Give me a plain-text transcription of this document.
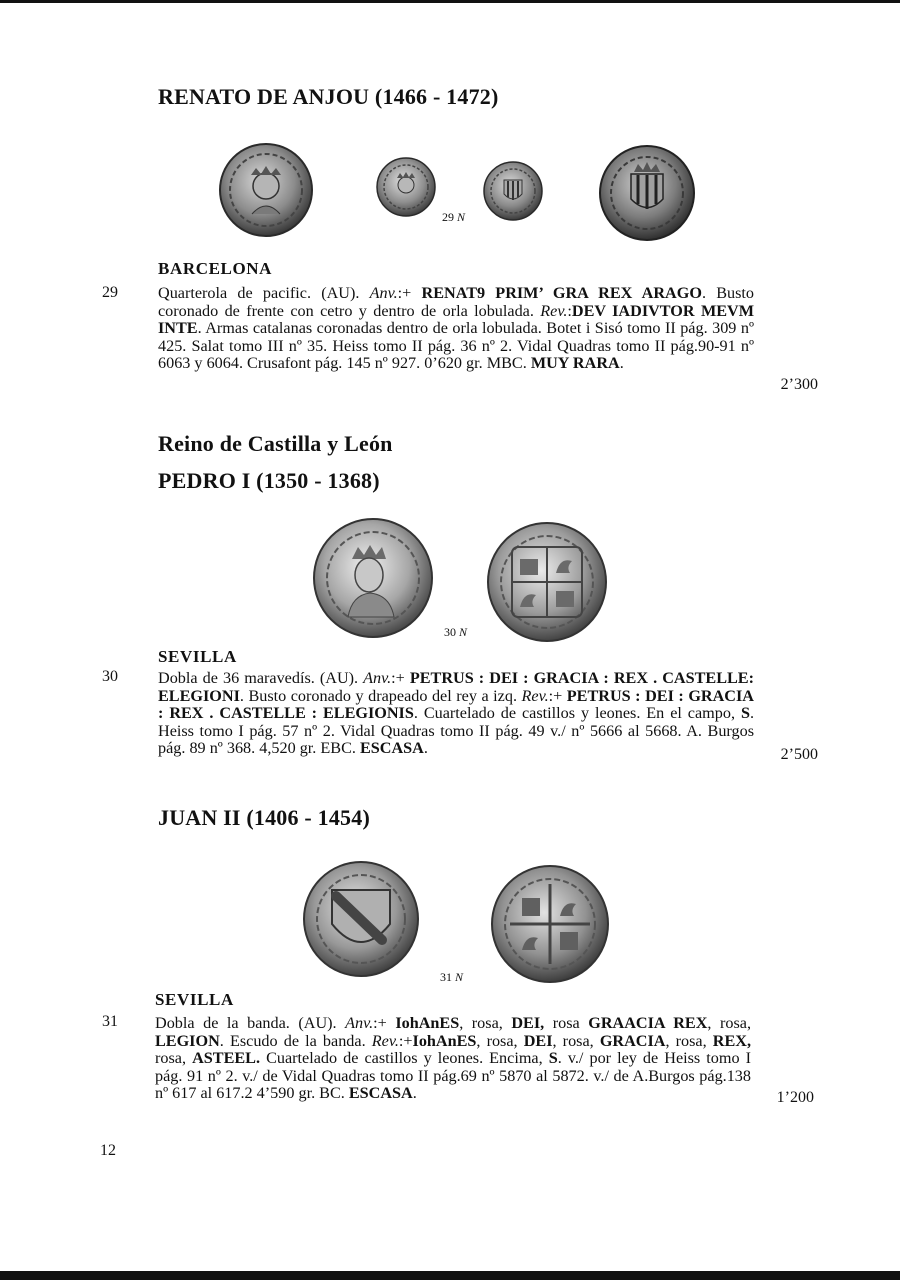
RENATO DE ANJOU (1466 - 1472)
29 N
BARCELONA
29 Quarterola de pacific. (AU). Anv.:+ RENAT9 PRIM’ GRA REX ARAGO. Busto coronado de frente con cetro y dentro de orla lobulada. Rev.:DEV IADIVTOR MEVM INTE. Armas catalanas coronadas dentro de orla lobulada. Botet i Sisó tomo II pág. 309 nº 425. Salat tomo III nº 35. Heiss tomo II pág. 36 nº 2. Vidal Quadras tomo II pág.90-91 nº 6063 y 6064. Crusafont pág. 145 nº 927. 0’620 gr. MBC. MUY RARA.
2’300
Reino de Castilla y León
PEDRO I (1350 - 1368)
30 N
SEVILLA
30 Dobla de 36 maravedís. (AU). Anv.:+ PETRUS : DEI : GRACIA : REX . CASTELLE: ELEGIONI. Busto coronado y drapeado del rey a izq. Rev.:+ PETRUS : DEI : GRACIA : REX . CASTELLE : ELEGIONIS. Cuartelado de castillos y leones. En el campo, S. Heiss tomo I pág. 57 nº 2. Vidal Quadras tomo II pág. 49 v./ nº 5666 al 5668. A. Burgos pág. 89 nº 368. 4,520 gr. EBC. ESCASA.	2’500
JUAN II (1406 - 1454)
31 N
SEVILLA
31 Dobla de la banda. (AU). Anv.:+ IohAnES, rosa, DEI, rosa GRAACIA REX, rosa, LEGION. Escudo de la banda. Rev.:+IohAnES, rosa, DEI, rosa, GRACIA, rosa, REX, rosa, ASTEEL. Cuartelado de castillos y leones. Encima, S. v./ por ley de Heiss tomo I pág. 91 nº 2. v./ de Vidal Quadras tomo II pág.69 nº 5870 al 5872. v./ de A.Burgos pág.138 nº 617 al 617.2 4’590 gr. BC. ESCASA.	1’200
12
